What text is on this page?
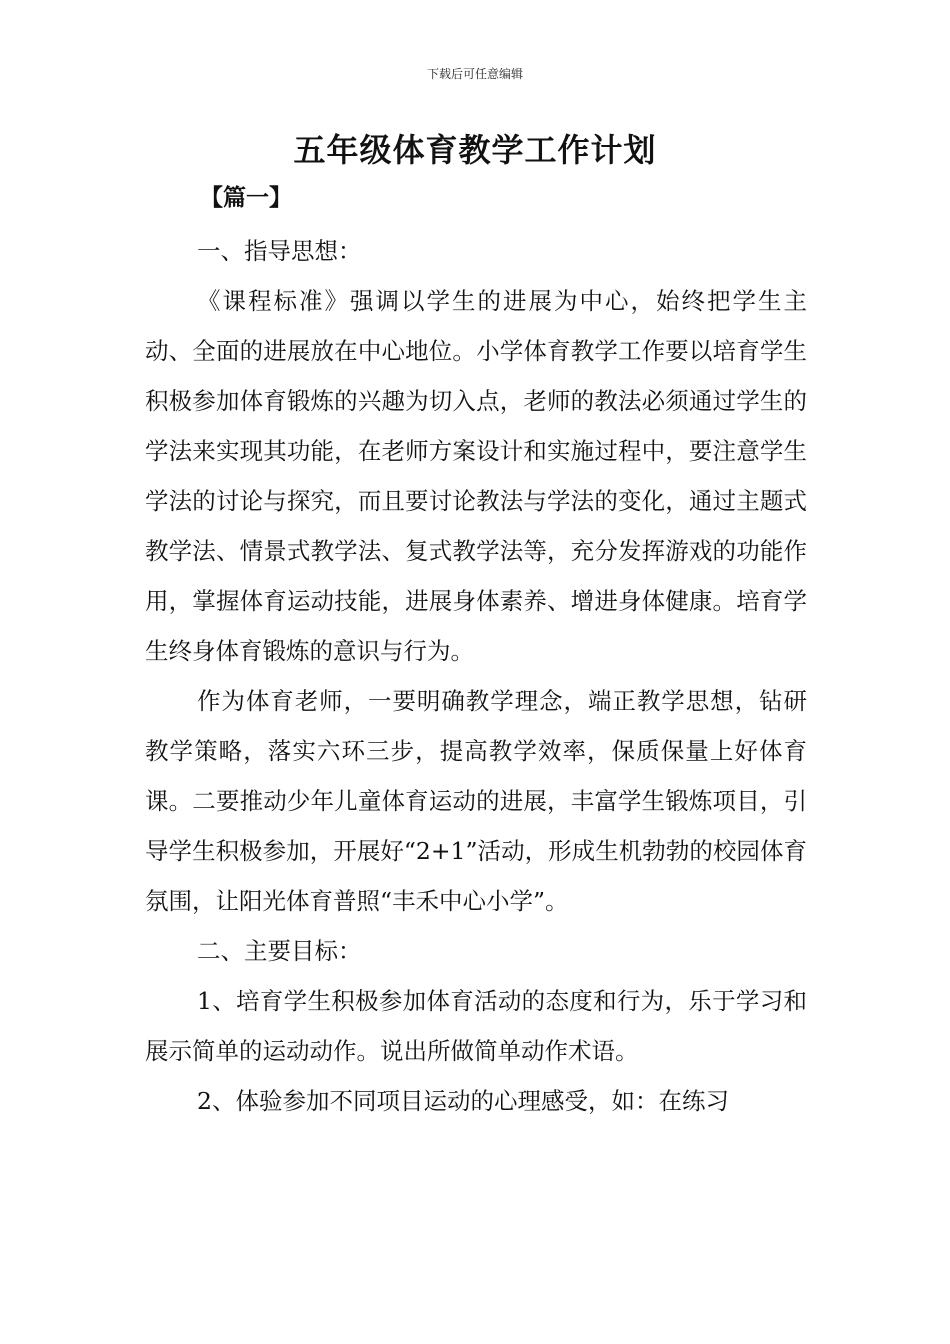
下载后可任意编辑
五年级体育教学工作计划
【篇一】

一、指导思想：

《课程标准》强调以学生的进展为中心，始终把学生主动、全面的进展放在中心地位。小学体育教学工作要以培育学生积极参加体育锻炼的兴趣为切入点，老师的教法必须通过学生的学法来实现其功能，在老师方案设计和实施过程中，要注意学生学法的讨论与探究，而且要讨论教法与学法的变化，通过主题式教学法、情景式教学法、复式教学法等，充分发挥游戏的功能作用，掌握体育运动技能，进展身体素养、增进身体健康。培育学生终身体育锻炼的意识与行为。

作为体育老师，一要明确教学理念，端正教学思想，钻研教学策略，落实六环三步，提高教学效率，保质保量上好体育课。二要推动少年儿童体育运动的进展，丰富学生锻炼项目，引导学生积极参加，开展好“2+1”活动，形成生机勃勃的校园体育氛围，让阳光体育普照“丰禾中心小学”。

二、主要目标：

1、培育学生积极参加体育活动的态度和行为，乐于学习和展示简单的运动动作。说出所做简单动作术语。

2、体验参加不同项目运动的心理感受，如：在练习
